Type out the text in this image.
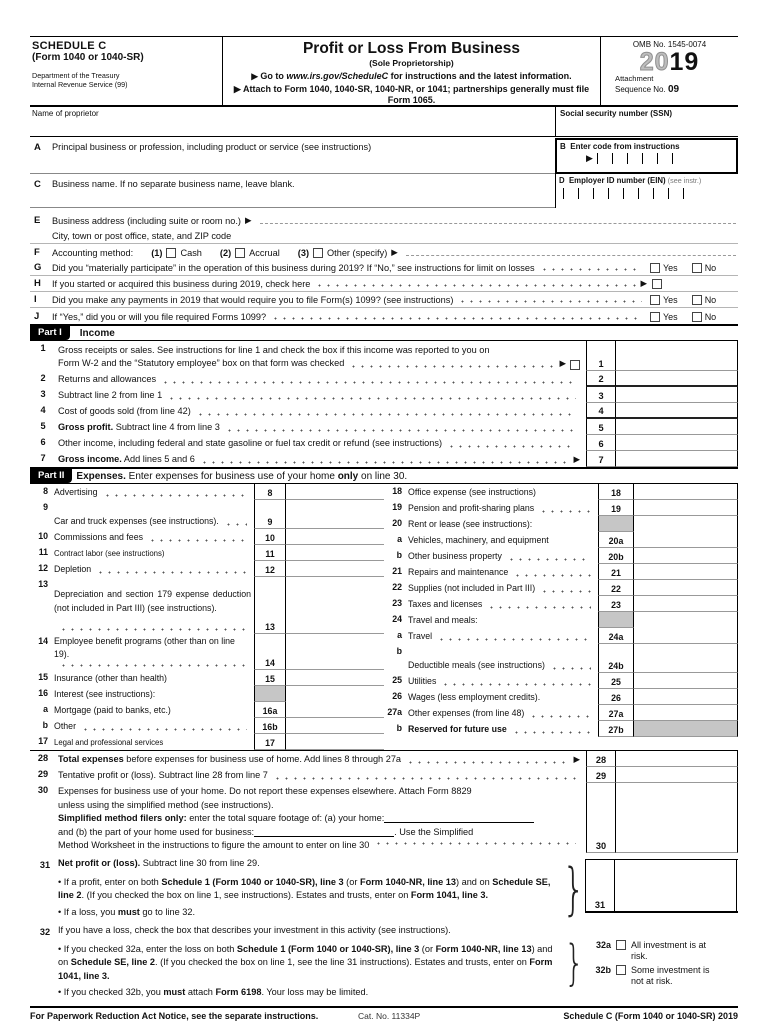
SCHEDULE C
(Form 1040 or 1040-SR)
Department of the Treasury
Internal Revenue Service (99)
Profit or Loss From Business
(Sole Proprietorship)
▶ Go to www.irs.gov/ScheduleC for instructions and the latest information.
▶ Attach to Form 1040, 1040-SR, 1040-NR, or 1041; partnerships generally must file Form 1065.
OMB No. 1545-0074
2019
Attachment
Sequence No. 09
Name of proprietor	Social security number (SSN)
A	Principal business or profession, including product or service (see instructions)	B Enter code from instructions
▶
C	Business name. If no separate business name, leave blank.	D Employer ID number (EIN) (see instr.)
E	Business address (including suite or room no.) ▶
City, town or post office, state, and ZIP code
F	Accounting method: (1) Cash (2) Accrual (3) Other (specify) ▶
G	Did you “materially participate” in the operation of this business during 2019? If “No,” see instructions for limit on losses	Yes	No
H	If you started or acquired this business during 2019, check here	▶
I	Did you make any payments in 2019 that would require you to file Form(s) 1099? (see instructions)	Yes	No
J	If “Yes,” did you or will you file required Forms 1099?	Yes	No
Part I	Income
1	Gross receipts or sales. See instructions for line 1 and check the box if this income was reported to you on
Form W-2 and the “Statutory employee” box on that form was checked	▶	1
2	Returns and allowances	2
3	Subtract line 2 from line 1	3
4	Cost of goods sold (from line 42)	4
5	Gross profit. Subtract line 4 from line 3	5
6	Other income, including federal and state gasoline or fuel tax credit or refund (see instructions)	6
7	Gross income. Add lines 5 and 6	▶ 7
Part II	Expenses. Enter expenses for business use of your home only on line 30.
8 Advertising	8
9
Car and truck expenses (see instructions).	9
10 Commissions and fees	10
11 Contract labor (see instructions)	11
12 Depletion	12
13
Depreciation and section 179 expense deduction (not included in Part III) (see instructions).
13
14 Employee benefit programs (other than on line 19).
14
15 Insurance (other than health)	15
16 Interest (see instructions):
a Mortgage (paid to banks, etc.)	16a
b Other	16b
17 Legal and professional services	17
18 Office expense (see instructions)	18
19 Pension and profit-sharing plans	19
20 Rent or lease (see instructions):
a Vehicles, machinery, and equipment	20a
b Other business property	20b
21 Repairs and maintenance	21
22 Supplies (not included in Part III)	22
23 Taxes and licenses	23
24 Travel and meals:
a Travel	24a
b
Deductible meals (see instructions)	24b
25 Utilities	25
26 Wages (less employment credits).	26
27a Other expenses (from line 48)	27a
b Reserved for future use	27b
28	Total expenses before expenses for business use of home. Add lines 8 through 27a	▶ 28
29	Tentative profit or (loss). Subtract line 28 from line 7	29
30	Expenses for business use of your home. Do not report these expenses elsewhere. Attach Form 8829
unless using the simplified method (see instructions).
Simplified method filers only: enter the total square footage of: (a) your home:
and (b) the part of your home used for business:	. Use the Simplified
Method Worksheet in the instructions to figure the amount to enter on line 30	30
31 Net profit or (loss). Subtract line 30 from line 29.
• If a profit, enter on both Schedule 1 (Form 1040 or 1040-SR), line 3 (or Form 1040-NR, line 13) and on Schedule SE, line 2. (If you checked the box on line 1, see instructions). Estates and trusts, enter on Form 1041, line 3.
• If a loss, you must go to line 32.	} 31
32 If you have a loss, check the box that describes your investment in this activity (see instructions).
• If you checked 32a, enter the loss on both Schedule 1 (Form 1040 or 1040-SR), line 3 (or Form 1040-NR, line 13) and on Schedule SE, line 2. (If you checked the box on line 1, see the line 31 instructions). Estates and trusts, enter on Form 1041, line 3.
• If you checked 32b, you must attach Form 6198. Your loss may be limited.
}	32a All investment is at risk.
32b Some investment is not at risk.
For Paperwork Reduction Act Notice, see the separate instructions.	Cat. No. 11334P	Schedule C (Form 1040 or 1040-SR) 2019
